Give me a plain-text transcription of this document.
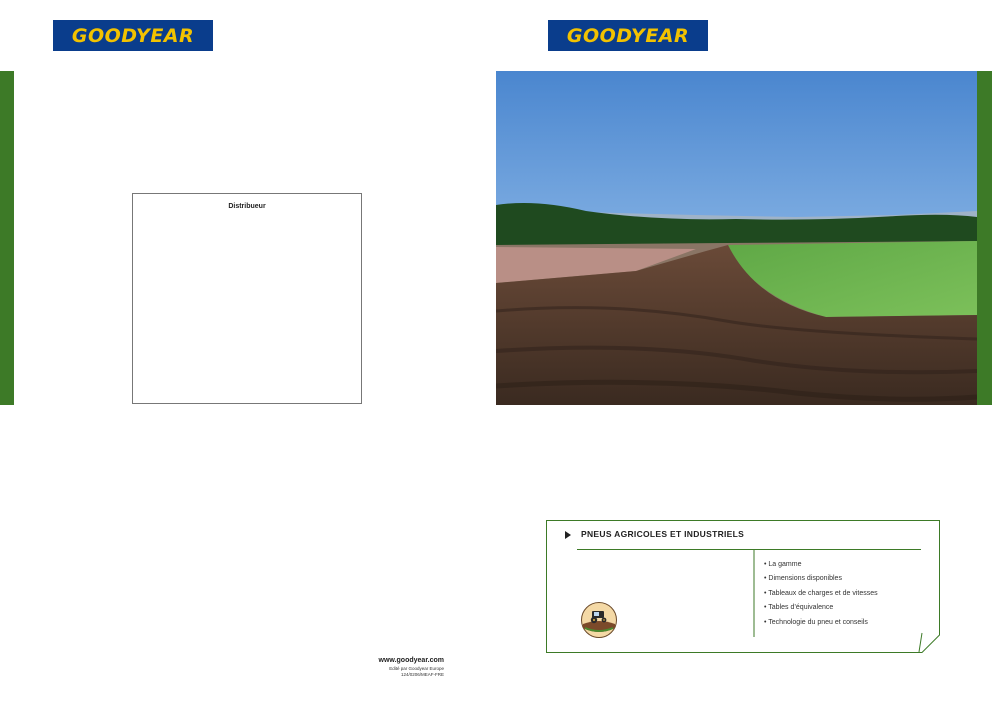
GOODYEAR
Distribueur
www.goodyear.com
Edité par Goodyear Europe
124/0206/MEAF-FRE
GOODYEAR
PNEUS AGRICOLES ET INDUSTRIELS
• La gamme
• Dimensions disponibles
• Tableaux de charges et de vitesses
• Tables d’équivalence
• Technologie du pneu et conseils
